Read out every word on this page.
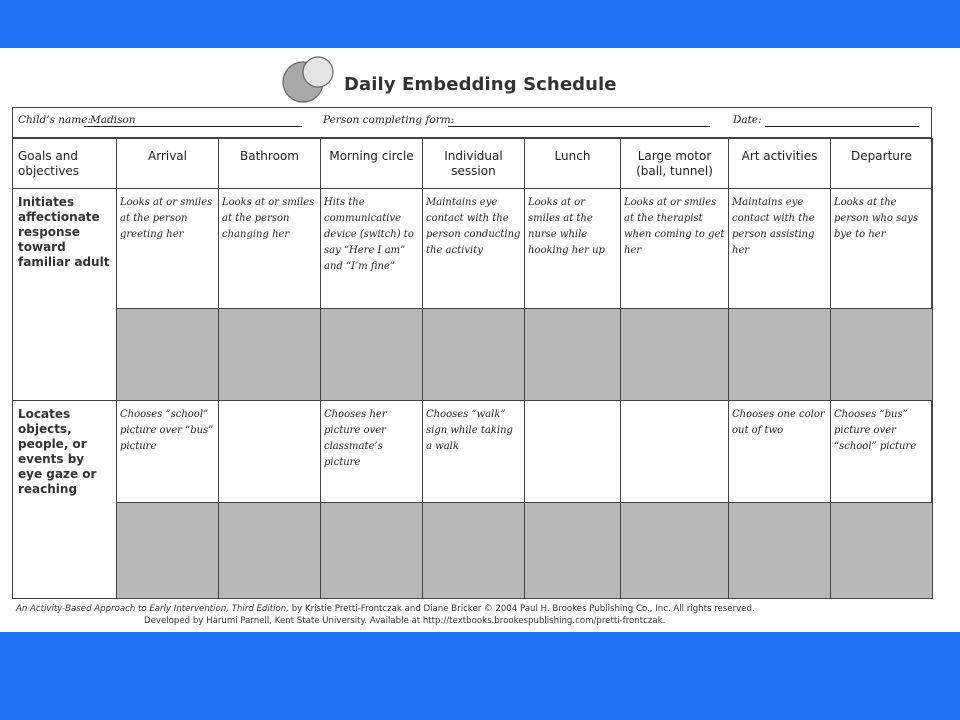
Daily Embedding Schedule
Child’s name:
Madison	Person completing form:	Date:
Goals and objectives	Arrival	Bathroom	Morning circle	Individual session	Lunch	Large motor (ball, tunnel)	Art activities	Departure
Initiates affectionate response toward familiar adult	Looks at or smiles at the person greeting her	Looks at or smiles at the person changing her	Hits the communicative device (switch) to say “Here I am” and “I’m fine”	Maintains eye contact with the person conducting the activity	Looks at or smiles at the nurse while hooking her up	Looks at or smiles at the therapist when coming to get her	Maintains eye contact with the person assisting her	Looks at the person who says bye to her

Locates objects, people, or events by eye gaze or reaching	Chooses “school” picture over “bus” picture		Chooses her picture over classmate’s picture	Chooses “walk” sign while taking a walk			Chooses one color out of two	Chooses “bus” picture over “school” picture

An Activity-Based Approach to Early Intervention, Third Edition, by Kristie Pretti-Frontczak and Diane Bricker © 2004 Paul H. Brookes Publishing Co., Inc. All rights reserved.
Developed by Harumi Parnell, Kent State University. Available at http://textbooks.brookespublishing.com/pretti-frontczak.
